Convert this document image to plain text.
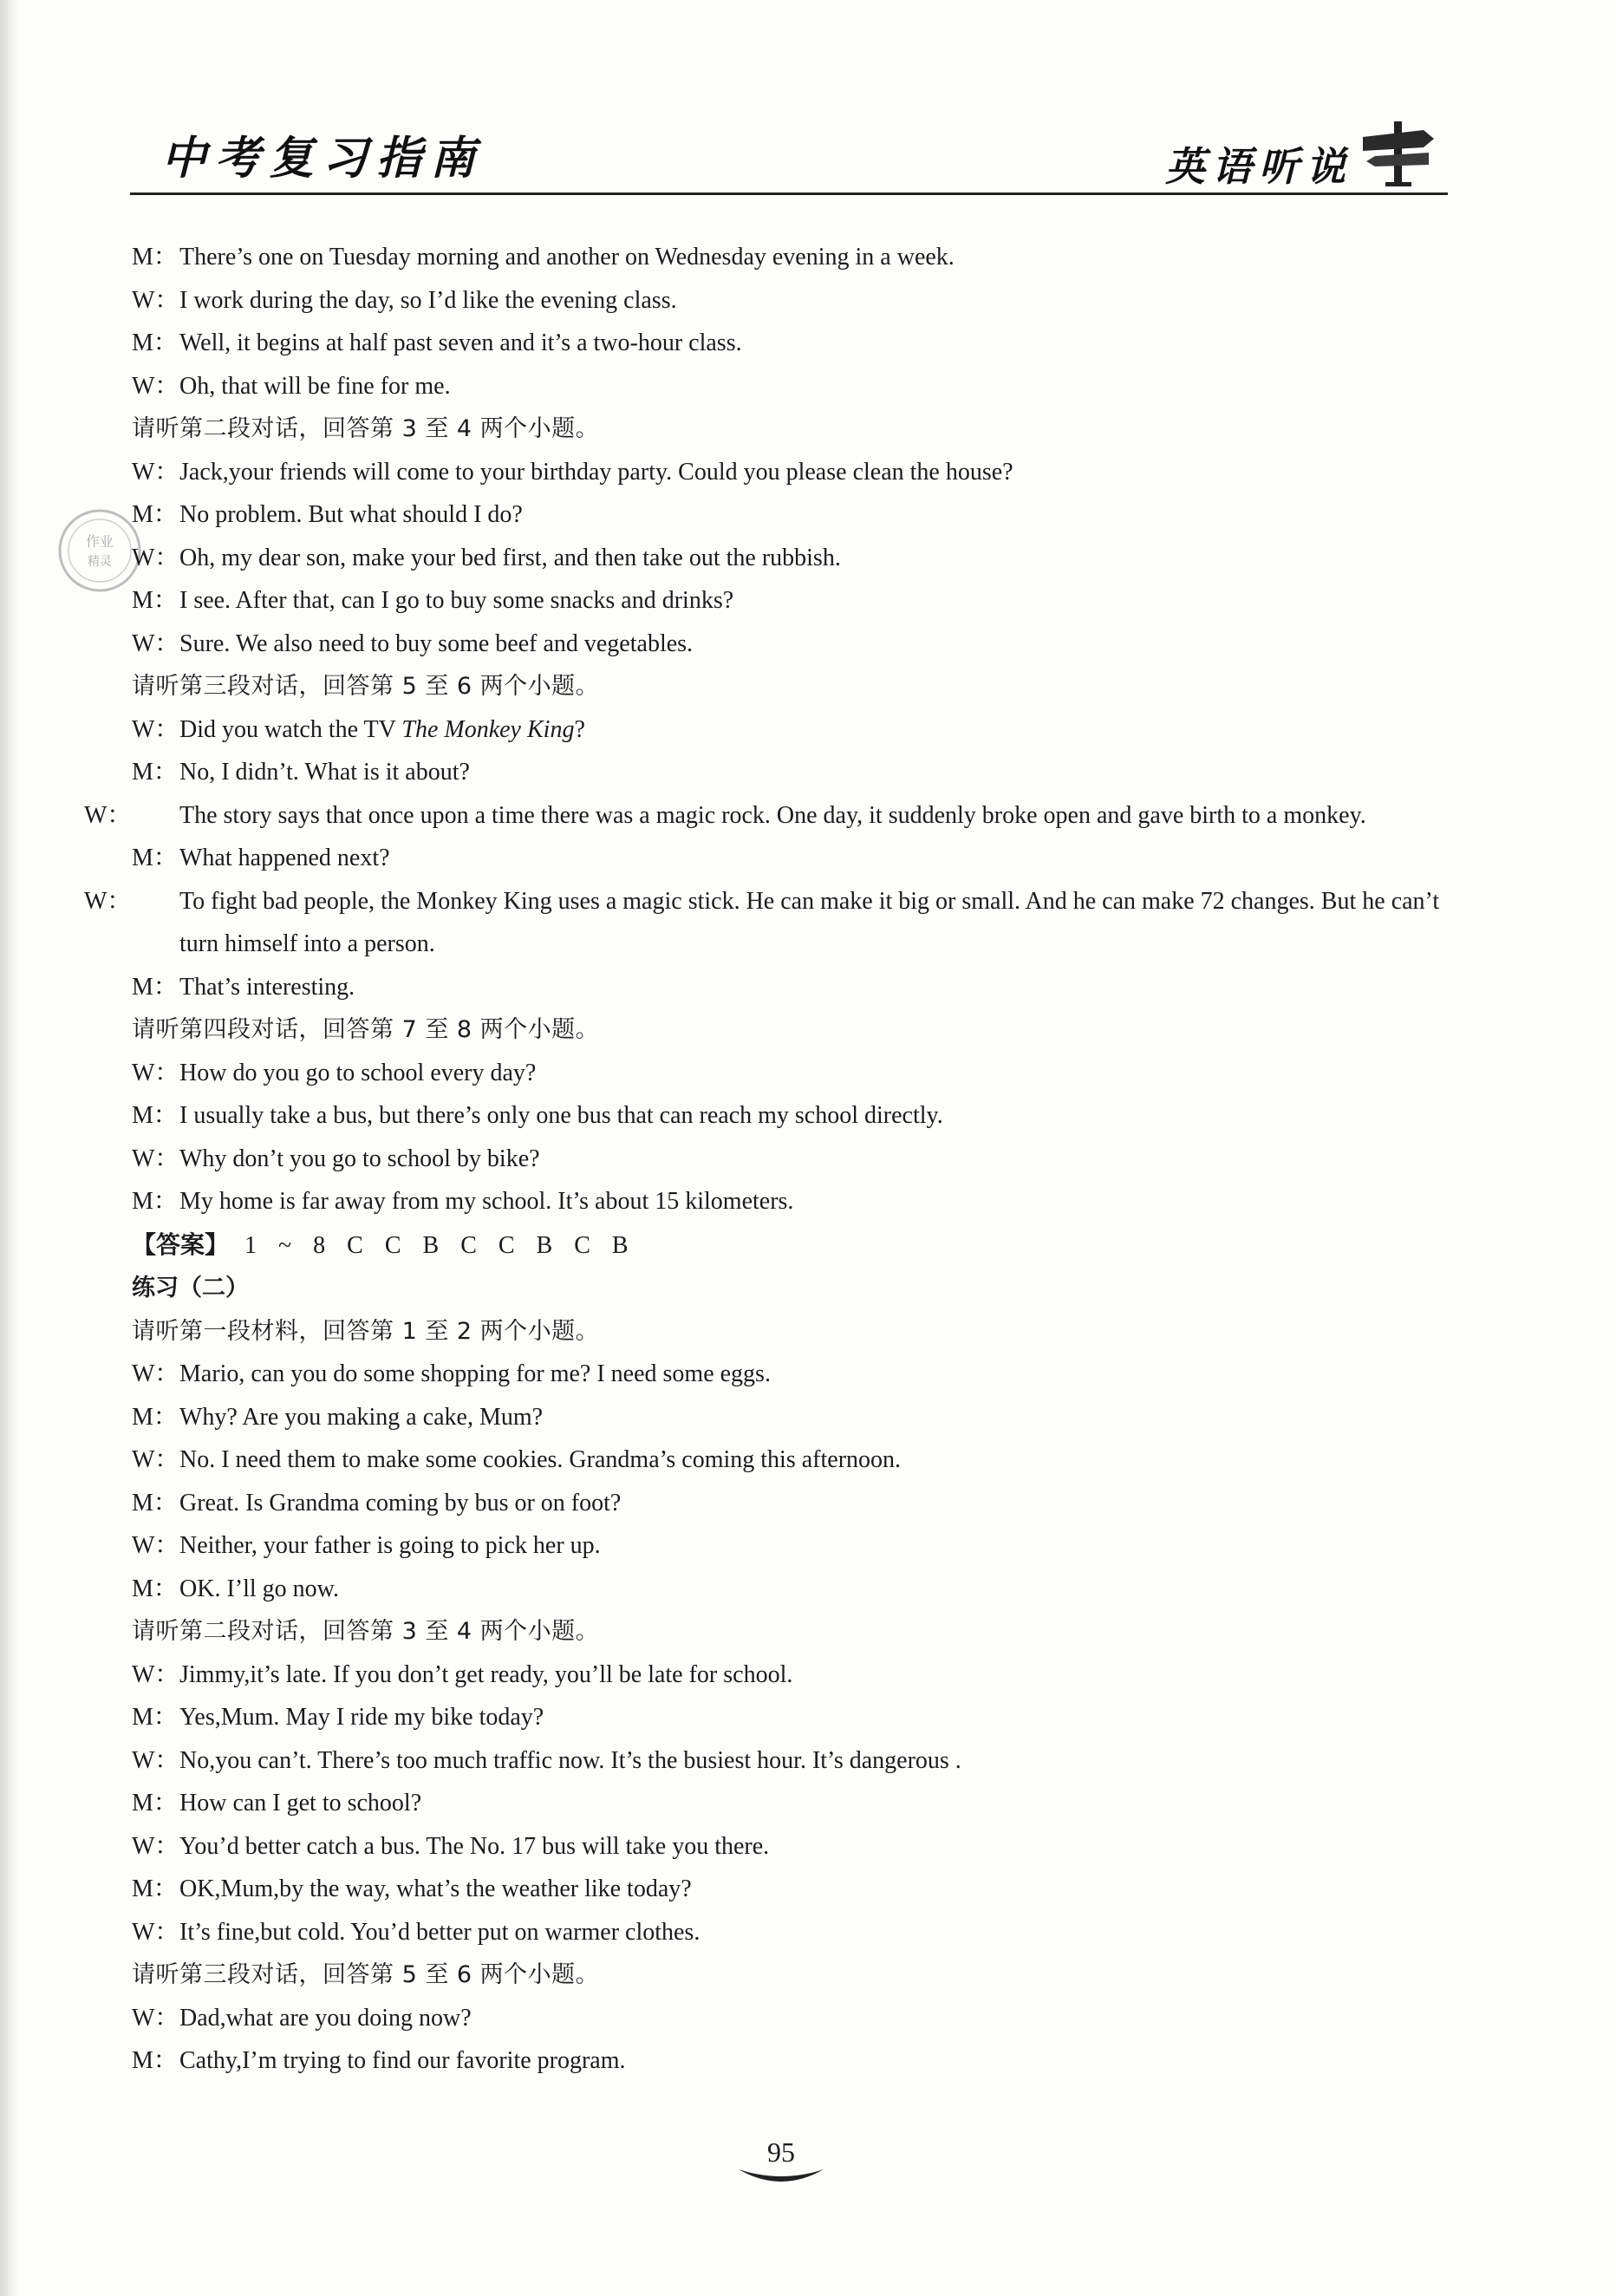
中考复习指南	英语听说
作业
精灵
M：There’s one on Tuesday morning and another on Wednesday evening in a week.
W：I work during the day, so I’d like the evening class.
M：Well, it begins at half past seven and it’s a two-hour class.
W：Oh, that will be fine for me.
请听第二段对话，回答第 3 至 4 两个小题。
W：Jack,your friends will come to your birthday party. Could you please clean the house?
M：No problem. But what should I do?
W：Oh, my dear son, make your bed first, and then take out the rubbish.
M：I see. After that, can I go to buy some snacks and drinks?
W：Sure. We also need to buy some beef and vegetables.
请听第三段对话，回答第 5 至 6 两个小题。
W：Did you watch the TV The Monkey King?
M：No, I didn’t. What is it about?
W： The story says that once upon a time there was a magic rock. One day, it suddenly broke open and gave birth to a monkey.
M：What happened next?
W： To fight bad people, the Monkey King uses a magic stick. He can make it big or small. And he can make 72 changes. But he can’t turn himself into a person.
M：That’s interesting.
请听第四段对话，回答第 7 至 8 两个小题。
W：How do you go to school every day?
M：I usually take a bus, but there’s only one bus that can reach my school directly.
W：Why don’t you go to school by bike?
M：My home is far away from my school. It’s about 15 kilometers.
【答案】 1 ~ 8 C C B C C B C B
练习（二）
请听第一段材料，回答第 1 至 2 两个小题。
W：Mario, can you do some shopping for me? I need some eggs.
M：Why? Are you making a cake, Mum?
W：No. I need them to make some cookies. Grandma’s coming this afternoon.
M：Great. Is Grandma coming by bus or on foot?
W：Neither, your father is going to pick her up.
M：OK. I’ll go now.
请听第二段对话，回答第 3 至 4 两个小题。
W：Jimmy,it’s late. If you don’t get ready, you’ll be late for school.
M：Yes,Mum. May I ride my bike today?
W：No,you can’t. There’s too much traffic now. It’s the busiest hour. It’s dangerous .
M：How can I get to school?
W：You’d better catch a bus. The No. 17 bus will take you there.
M：OK,Mum,by the way, what’s the weather like today?
W：It’s fine,but cold. You’d better put on warmer clothes.
请听第三段对话，回答第 5 至 6 两个小题。
W：Dad,what are you doing now?
M：Cathy,I’m trying to find our favorite program.
95
